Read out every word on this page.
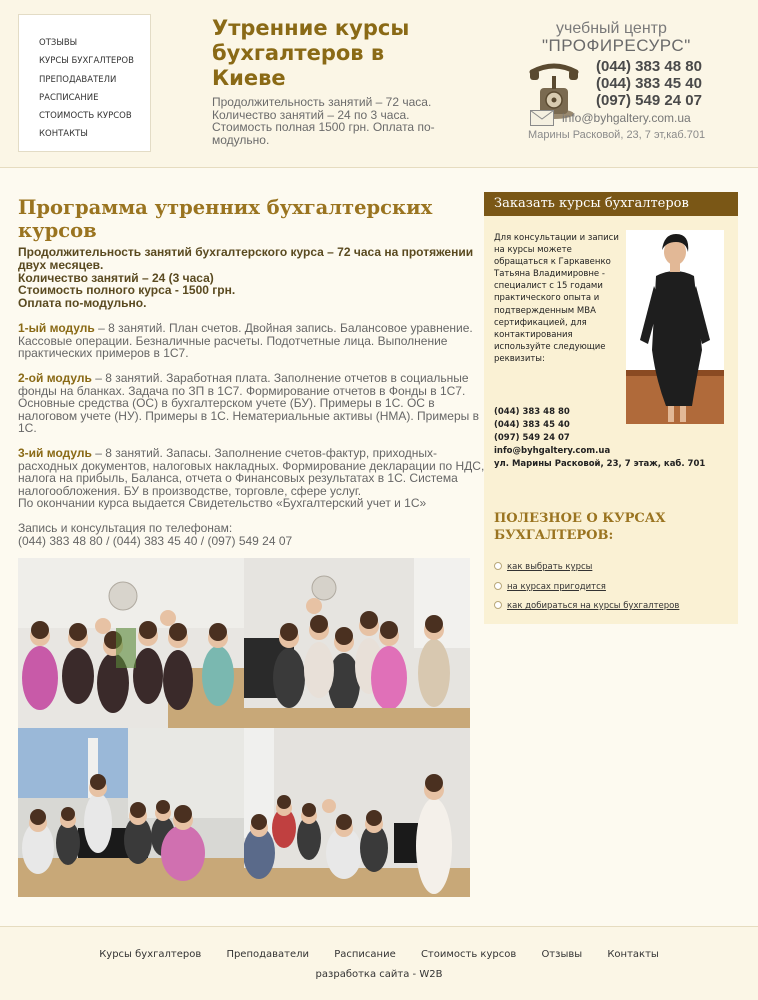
ОТЗЫВЫ
КУРСЫ БУХГАЛТЕРОВ
ПРЕПОДАВАТЕЛИ
РАСПИСАНИЕ
СТОИМОСТЬ КУРСОВ
КОНТАКТЫ
Утренние курсы бухгалтеров в Киеве

Продолжительность занятий – 72 часа. Количество занятий – 24 по 3 часа. Стоимость полная 1500 грн. Оплата по-модульно.

учебный центр
"ПРОФИРЕСУРС"
(044) 383 48 80
(044) 383 45 40
(097) 549 24 07
info@byhgaltery.com.ua
Марины Расковой, 23, 7 эт,каб.701
Программа утренних бухгалтерских курсов
Продолжительность занятий бухгалтерского курса – 72 часа на протяжении двух месяцев.
Количество занятий – 24 (3 часа)
Стоимость полного курса - 1500 грн.
Оплата по-модульно.

1-ый модуль – 8 занятий. План счетов. Двойная запись. Балансовое уравнение. Кассовые операции. Безналичные расчеты. Подотчетные лица. Выполнение практических примеров в 1С7.

2-ой модуль – 8 занятий. Заработная плата. Заполнение отчетов в социальные фонды на бланках. Задача по ЗП в 1С7. Формирование отчетов в Фонды в 1С7. Основные средства (ОС) в бухгалтерском учете (БУ). Примеры в 1С. ОС в налоговом учете (НУ). Примеры в 1С. Нематериальные активы (НМА). Примеры в 1С.

3-ий модуль – 8 занятий. Запасы. Заполнение счетов-фактур, приходных-расходных документов, налоговых накладных. Формирование декларации по НДС, налога на прибыль, Баланса, отчета о Финансовых результатах в 1С. Система налогообложения. БУ в производстве, торговле, сфере услуг.
По окончании курса выдается Свидетельство «Бухгалтерский учет и 1С»
Запись и консультация по телефонам:
(044) 383 48 80 / (044) 383 45 40 / (097) 549 24 07
Заказать курсы бухгалтеров

Для консультации и записи на курсы можете обращаться к Гаркавенко Татьяна Владимировне - специалист с 15 годами практического опыта и подтвержденным MBA сертификацией, для контактирования используйте следующие реквизиты:

(044) 383 48 80
(044) 383 45 40
(097) 549 24 07
info@byhgaltery.com.ua
ул. Марины Расковой, 23, 7 этаж, каб. 701
ПОЛЕЗНОЕ О КУРСАХ БУХГАЛТЕРОВ:
как выбрать курсы
на курсах пригодится
как добираться на курсы бухгалтеров
Курсы бухгалтеров	Преподаватели	Расписание	Стоимость курсов	Отзывы	Контакты
разработка сайта - W2B
